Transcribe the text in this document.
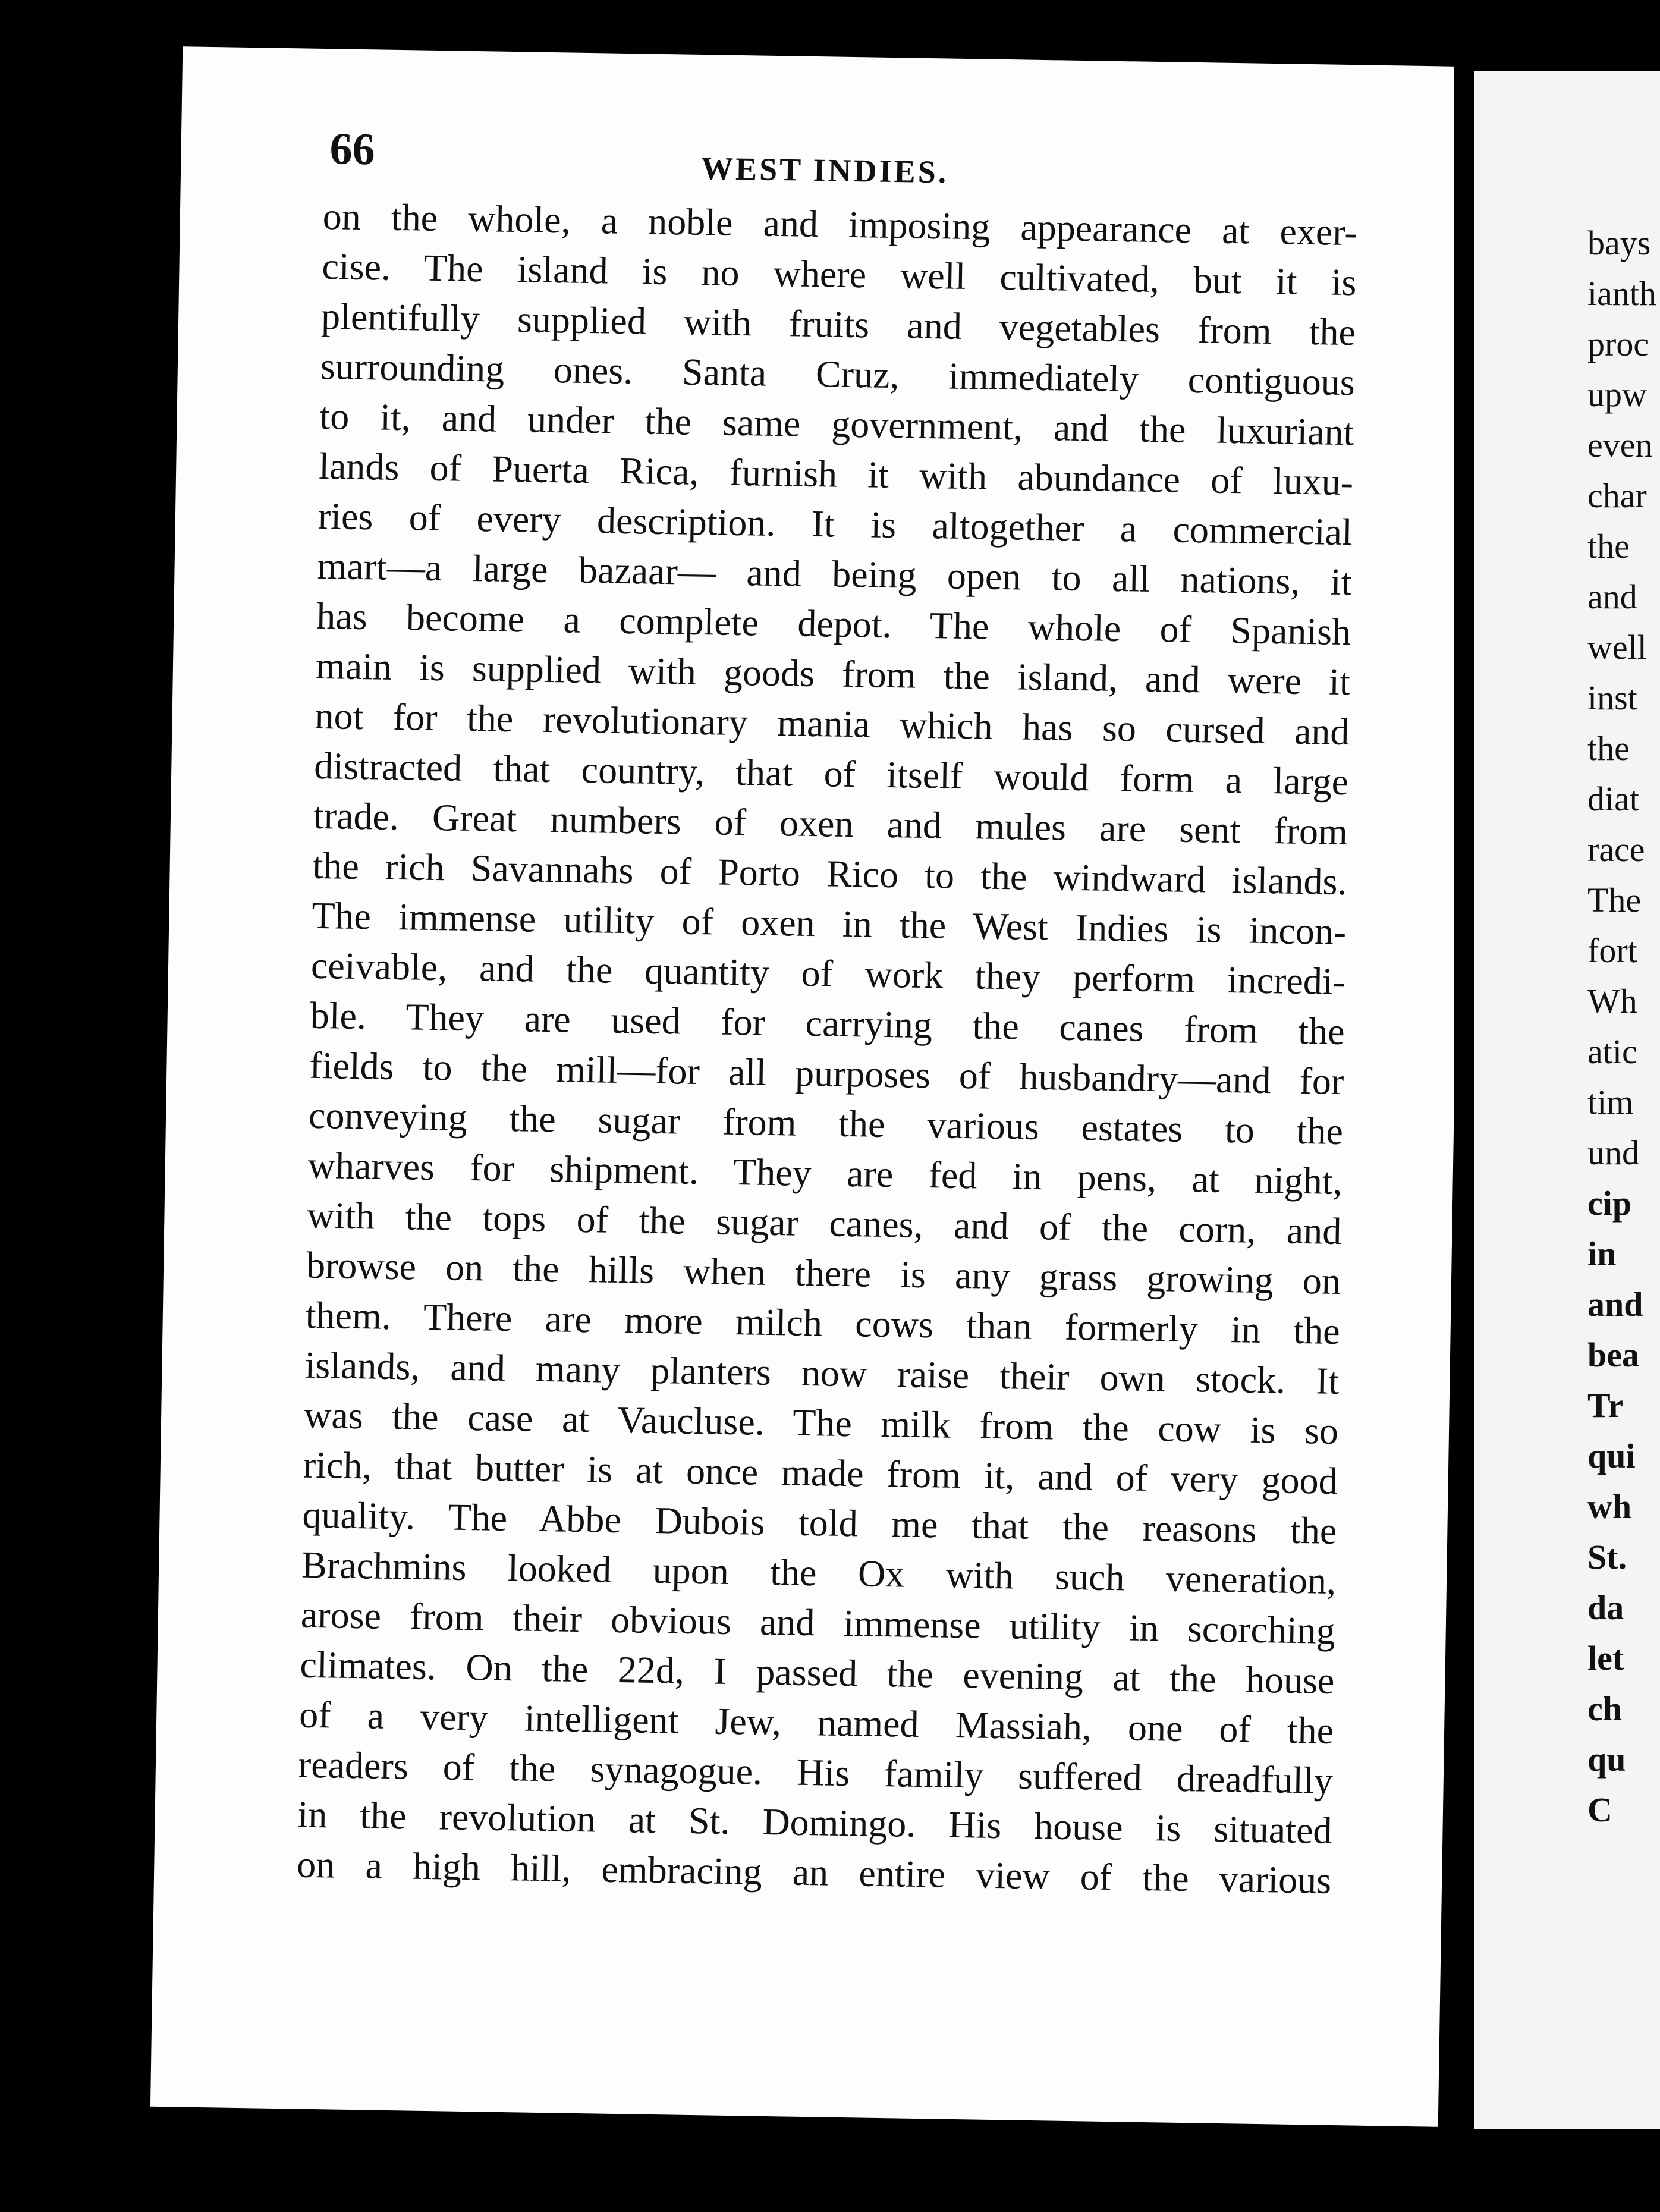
66	WEST INDIES.
on the whole, a noble and imposing appearance at exer-
cise. The island is no where well cultivated, but it is
plentifully supplied with fruits and vegetables from the
surrounding ones. Santa Cruz, immediately contiguous
to it, and under the same government, and the luxuriant
lands of Puerta Rica, furnish it with abundance of luxu-
ries of every description. It is altogether a commercial
mart—a large bazaar— and being open to all nations, it
has become a complete depot. The whole of Spanish
main is supplied with goods from the island, and were it
not for the revolutionary mania which has so cursed and
distracted that country, that of itself would form a large
trade. Great numbers of oxen and mules are sent from
the rich Savannahs of Porto Rico to the windward islands.
The immense utility of oxen in the West Indies is incon-
ceivable, and the quantity of work they perform incredi-
ble. They are used for carrying the canes from the
fields to the mill—for all purposes of husbandry—and for
conveying the sugar from the various estates to the
wharves for shipment. They are fed in pens, at night,
with the tops of the sugar canes, and of the corn, and
browse on the hills when there is any grass growing on
them. There are more milch cows than formerly in the
islands, and many planters now raise their own stock. It
was the case at Vaucluse. The milk from the cow is so
rich, that butter is at once made from it, and of very good
quality. The Abbe Dubois told me that the reasons the
Brachmins looked upon the Ox with such veneration,
arose from their obvious and immense utility in scorching
climates. On the 22d, I passed the evening at the house
of a very intelligent Jew, named Massiah, one of the
readers of the synagogue. His family suffered dreadfully
in the revolution at St. Domingo. His house is situated
on a high hill, embracing an entire view of the various
bays
ianth
proc
upw
even
char
the
and
well
inst
the
diat
race
The
fort
Wh
atic
tim
und
cip
in
and
bea
Tr
qui
wh
St.
da
let
ch
qu
C
